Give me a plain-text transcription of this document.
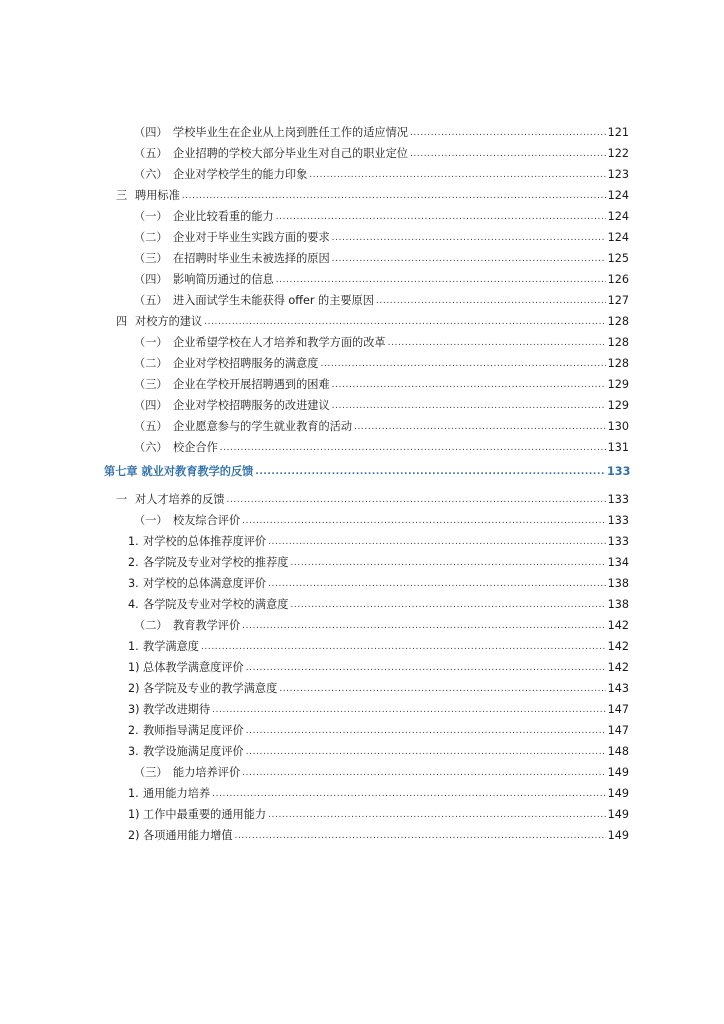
（四） 学校毕业生在企业从上岗到胜任工作的适应情况 .....	121
（五） 企业招聘的学校大部分毕业生对自己的职业定位 .....	122
（六） 企业对学校学生的能力印象 .....	123
三 聘用标准 .....	124
（一） 企业比较看重的能力 .....	124
（二） 企业对于毕业生实践方面的要求 .....	124
（三） 在招聘时毕业生未被选择的原因 .....	125
（四） 影响简历通过的信息 .....	126
（五） 进入面试学生未能获得 offer 的主要原因 .....	127
四 对校方的建议 .....	128
（一） 企业希望学校在人才培养和教学方面的改革 .....	128
（二） 企业对学校招聘服务的满意度 .....	128
（三） 企业在学校开展招聘遇到的困难 .....	129
（四） 企业对学校招聘服务的改进建议 .....	129
（五） 企业愿意参与的学生就业教育的活动 .....	130
（六） 校企合作 .....	131
第七章 就业对教育教学的反馈 .....	133
一 对人才培养的反馈 .....	133
（一） 校友综合评价 .....	133
1. 对学校的总体推荐度评价 .....	133
2. 各学院及专业对学校的推荐度 .....	134
3. 对学校的总体满意度评价 .....	138
4. 各学院及专业对学校的满意度 .....	138
（二） 教育教学评价 .....	142
1. 教学满意度 .....	142
1) 总体教学满意度评价 .....	142
2) 各学院及专业的教学满意度 .....	143
3) 教学改进期待 .....	147
2. 教师指导满足度评价 .....	147
3. 教学设施满足度评价 .....	148
（三） 能力培养评价 .....	149
1. 通用能力培养 .....	149
1) 工作中最重要的通用能力 .....	149
2) 各项通用能力增值 .....	149
